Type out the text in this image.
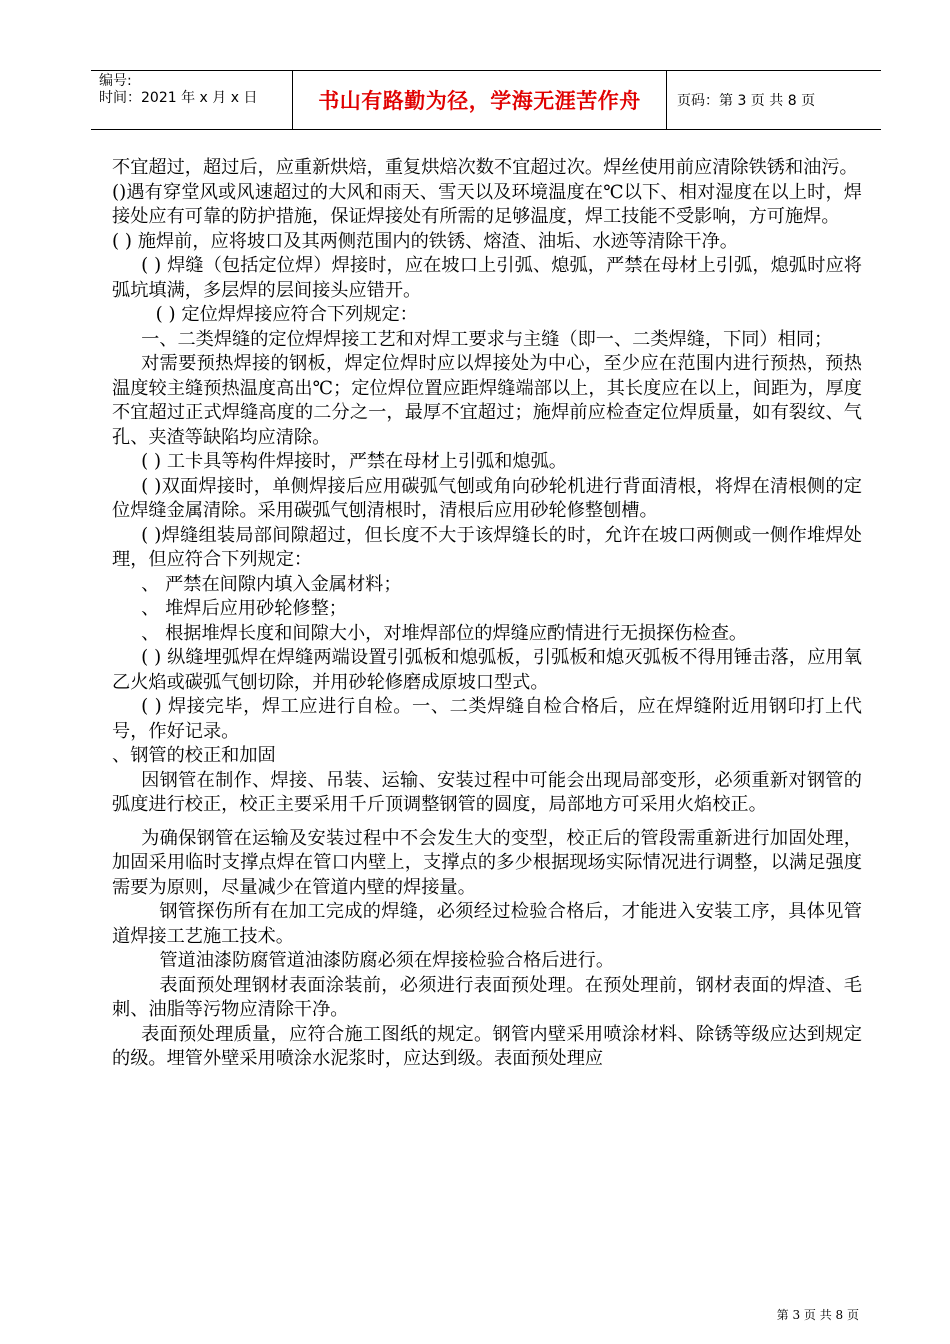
编号:
时间：2021 年 x 月 x 日	书山有路勤为径，学海无涯苦作舟	页码：第 3 页 共 8 页

不宜超过，超过后，应重新烘焙，重复烘焙次数不宜超过次。焊丝使用前应清除铁锈和油污。

()遇有穿堂风或风速超过的大风和雨天、雪天以及环境温度在℃以下、相对湿度在以上时，焊接处应有可靠的防护措施，保证焊接处有所需的足够温度，焊工技能不受影响，方可施焊。

( ) 施焊前，应将坡口及其两侧范围内的铁锈、熔渣、油垢、水迹等清除干净。

( ) 焊缝（包括定位焊）焊接时，应在坡口上引弧、熄弧，严禁在母材上引弧，熄弧时应将弧坑填满，多层焊的层间接头应错开。

( ) 定位焊焊接应符合下列规定：

一、二类焊缝的定位焊焊接工艺和对焊工要求与主缝（即一、二类焊缝，下同）相同；

对需要预热焊接的钢板，焊定位焊时应以焊接处为中心，至少应在范围内进行预热，预热温度较主缝预热温度高出℃；定位焊位置应距焊缝端部以上，其长度应在以上，间距为，厚度不宜超过正式焊缝高度的二分之一，最厚不宜超过；施焊前应检查定位焊质量，如有裂纹、气孔、夹渣等缺陷均应清除。

( ) 工卡具等构件焊接时，严禁在母材上引弧和熄弧。

( )双面焊接时，单侧焊接后应用碳弧气刨或角向砂轮机进行背面清根，将焊在清根侧的定位焊缝金属清除。采用碳弧气刨清根时，清根后应用砂轮修整刨槽。

( )焊缝组装局部间隙超过，但长度不大于该焊缝长的时，允许在坡口两侧或一侧作堆焊处理，但应符合下列规定：

、 严禁在间隙内填入金属材料；

、 堆焊后应用砂轮修整；

、 根据堆焊长度和间隙大小，对堆焊部位的焊缝应酌情进行无损探伤检查。

( ) 纵缝埋弧焊在焊缝两端设置引弧板和熄弧板，引弧板和熄灭弧板不得用锤击落，应用氧乙火焰或碳弧气刨切除，并用砂轮修磨成原坡口型式。

( ) 焊接完毕，焊工应进行自检。一、二类焊缝自检合格后，应在焊缝附近用钢印打上代号，作好记录。

、钢管的校正和加固

因钢管在制作、焊接、吊装、运输、安装过程中可能会出现局部变形，必须重新对钢管的弧度进行校正，校正主要采用千斤顶调整钢管的圆度，局部地方可采用火焰校正。

为确保钢管在运输及安装过程中不会发生大的变型，校正后的管段需重新进行加固处理，加固采用临时支撑点焊在管口内壁上，支撑点的多少根据现场实际情况进行调整，以满足强度需要为原则，尽量减少在管道内壁的焊接量。

钢管探伤所有在加工完成的焊缝，必须经过检验合格后，才能进入安装工序，具体见管道焊接工艺施工技术。

管道油漆防腐管道油漆防腐必须在焊接检验合格后进行。

表面预处理钢材表面涂装前，必须进行表面预处理。在预处理前，钢材表面的焊渣、毛刺、油脂等污物应清除干净。

表面预处理质量，应符合施工图纸的规定。钢管内壁采用喷涂材料、除锈等级应达到规定的级。埋管外壁采用喷涂水泥浆时，应达到级。表面预处理应

第 3 页 共 8 页
